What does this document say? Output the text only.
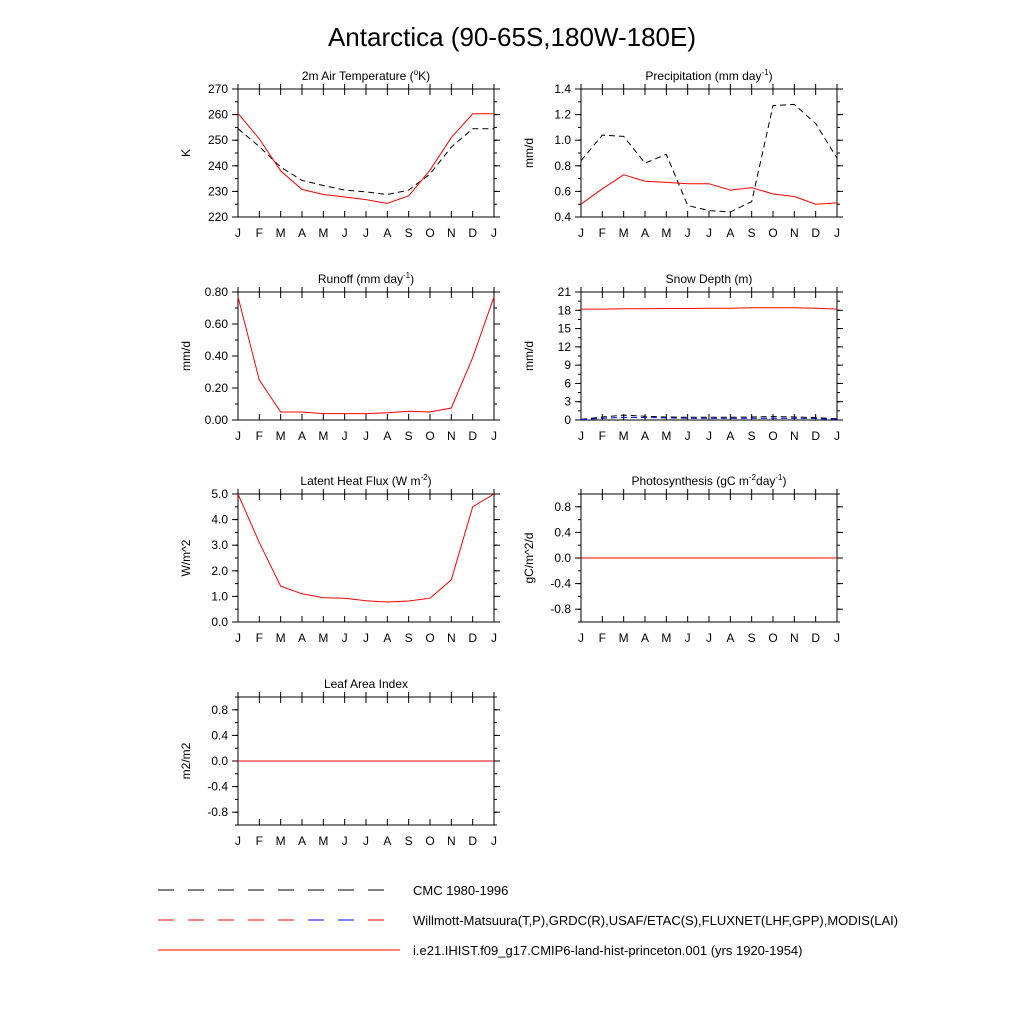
Antarctica (90-65S,180W-180E)
2m Air Temperature ($^o$K)
J F M A M J J A S O N D J
220
230
240
250
260
270
K
Precipitation (mm day$^{-1}$)
J F M A M J J A S O N D J
0.4
0.6
0.8
1.0
1.2
1.4
mm/d
Runoff (mm day$^{-1}$)
J F M A M J J A S O N D J
0.00
0.20
0.40
0.60
0.80
mm/d
Snow Depth (m)
J F M A M J J A S O N D J
0
3
6
9
12
15
18
21
mm/d
Latent Heat Flux (W $m^{-2}$)
J F M A M J J A S O N D J
0.0
1.0
2.0
3.0
4.0
5.0
W/m^2
Photosynthesis (gC $m^{-2}day^{-1}$)
J F M A M J J A S O N D J
-0.8
-0.4
0.0
0.4
0.8
gC/m^2/d
Leaf Area Index
J F M A M J J A S O N D J
-0.8
-0.4
0.0
0.4
0.8
m2/m2
CMC 1980-1996
Willmott-Matsuura(T,P),GRDC(R),USAF/ETAC(S),FLUXNET(LHF,GPP),MODIS(LAI)
i.e21.IHIST.f09_g17.CMIP6-land-hist-princeton.001 (yrs 1920-1954)
